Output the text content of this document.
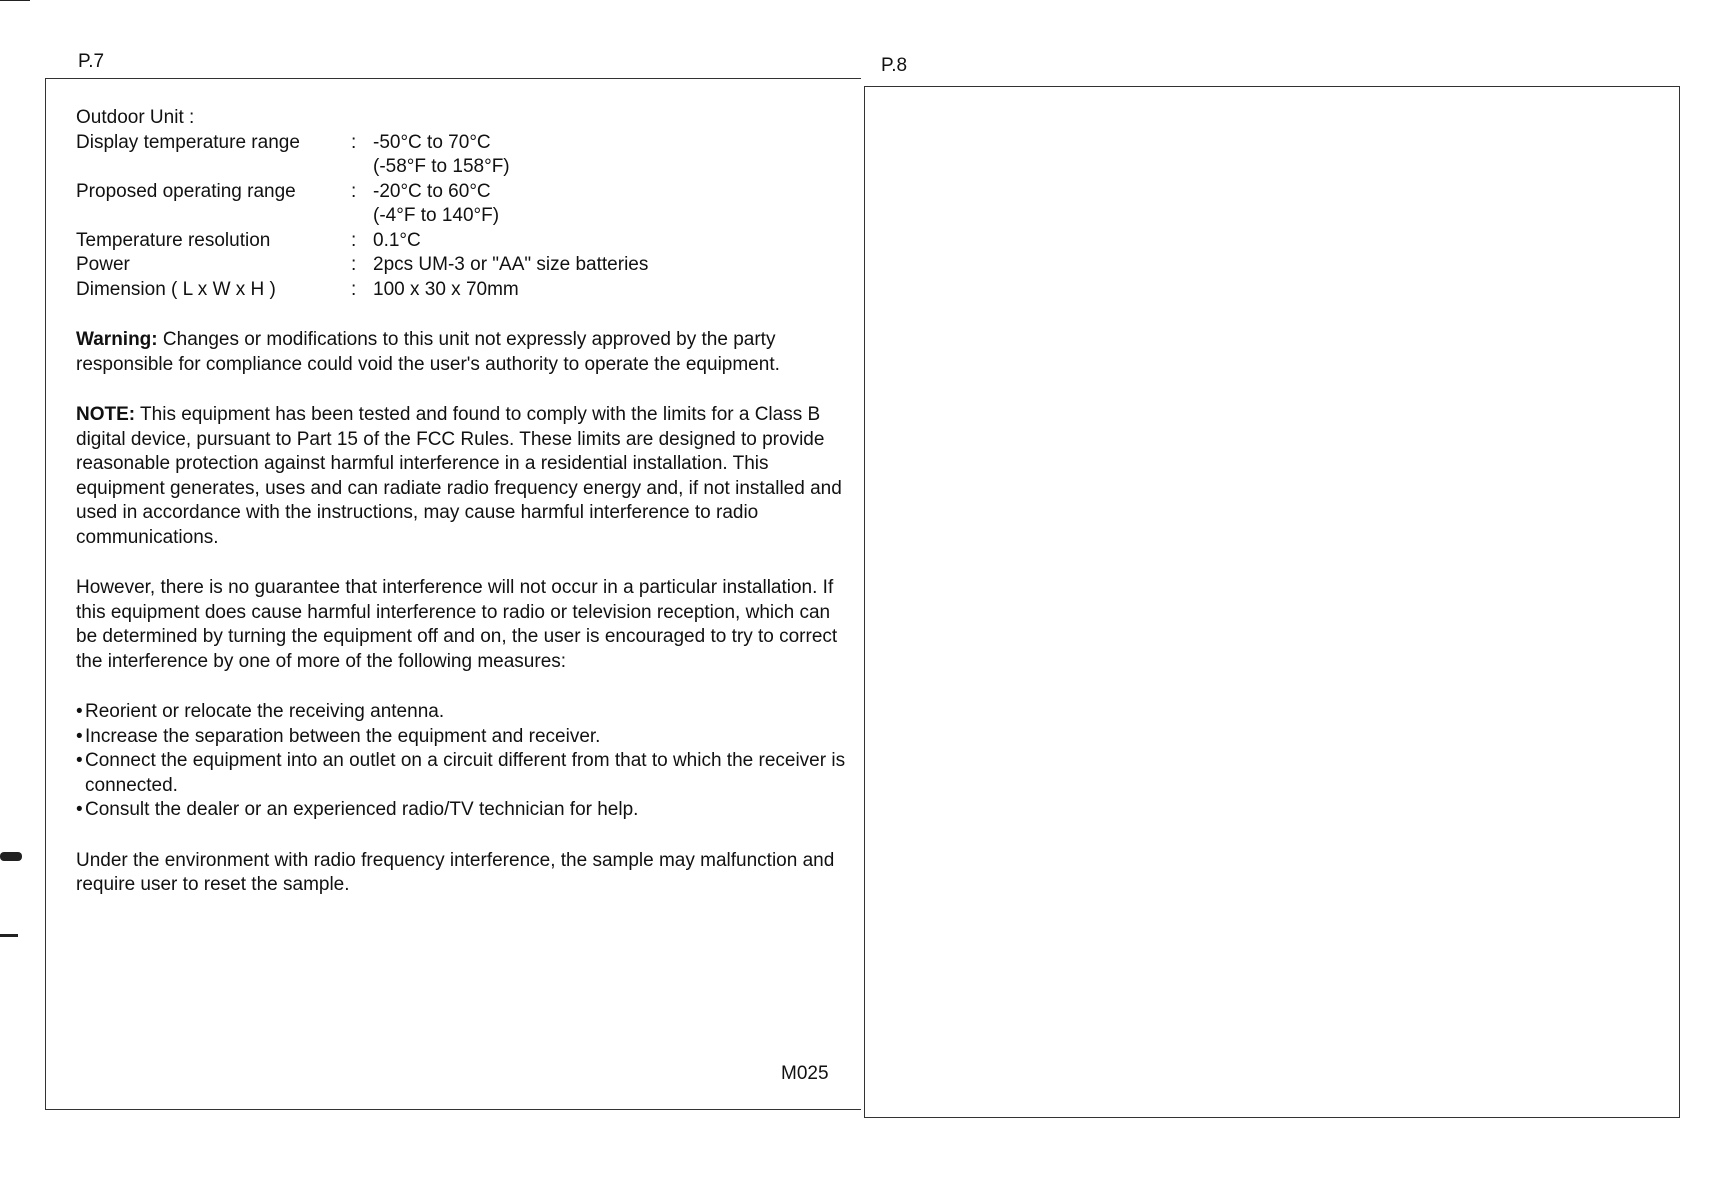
P.7	P.8
Outdoor Unit :
Display temperature range	:	-50°C to 70°C
(-58°F to 158°F)

Proposed operating range	:	-20°C to 60°C
(-4°F to 140°F)

Temperature resolution	:	0.1°C

Power	:	2pcs UM-3 or "AA" size batteries

Dimension ( L x W x H )	:	100 x 30 x 70mm

Warning: Changes or modifications to this unit not expressly approved by the party responsible for compliance could void the user's authority to operate the equipment.

NOTE: This equipment has been tested and found to comply with the limits for a Class B digital device, pursuant to Part 15 of the FCC Rules. These limits are designed to provide reasonable protection against harmful interference in a residential installation. This equipment generates, uses and can radiate radio frequency energy and, if not installed and used in accordance with the instructions, may cause harmful interference to radio communications.

However, there is no guarantee that interference will not occur in a particular installation. If this equipment does cause harmful interference to radio or television reception, which can be determined by turning the equipment off and on, the user is encouraged to try to correct the interference by one of more of the following measures:

• Reorient or relocate the receiving antenna.
• Increase the separation between the equipment and receiver.
• Connect the equipment into an outlet on a circuit different from that to which the receiver is connected.
• Consult the dealer or an experienced radio/TV technician for help.

Under the environment with radio frequency interference, the sample may malfunction and require user to reset the sample.

M025
